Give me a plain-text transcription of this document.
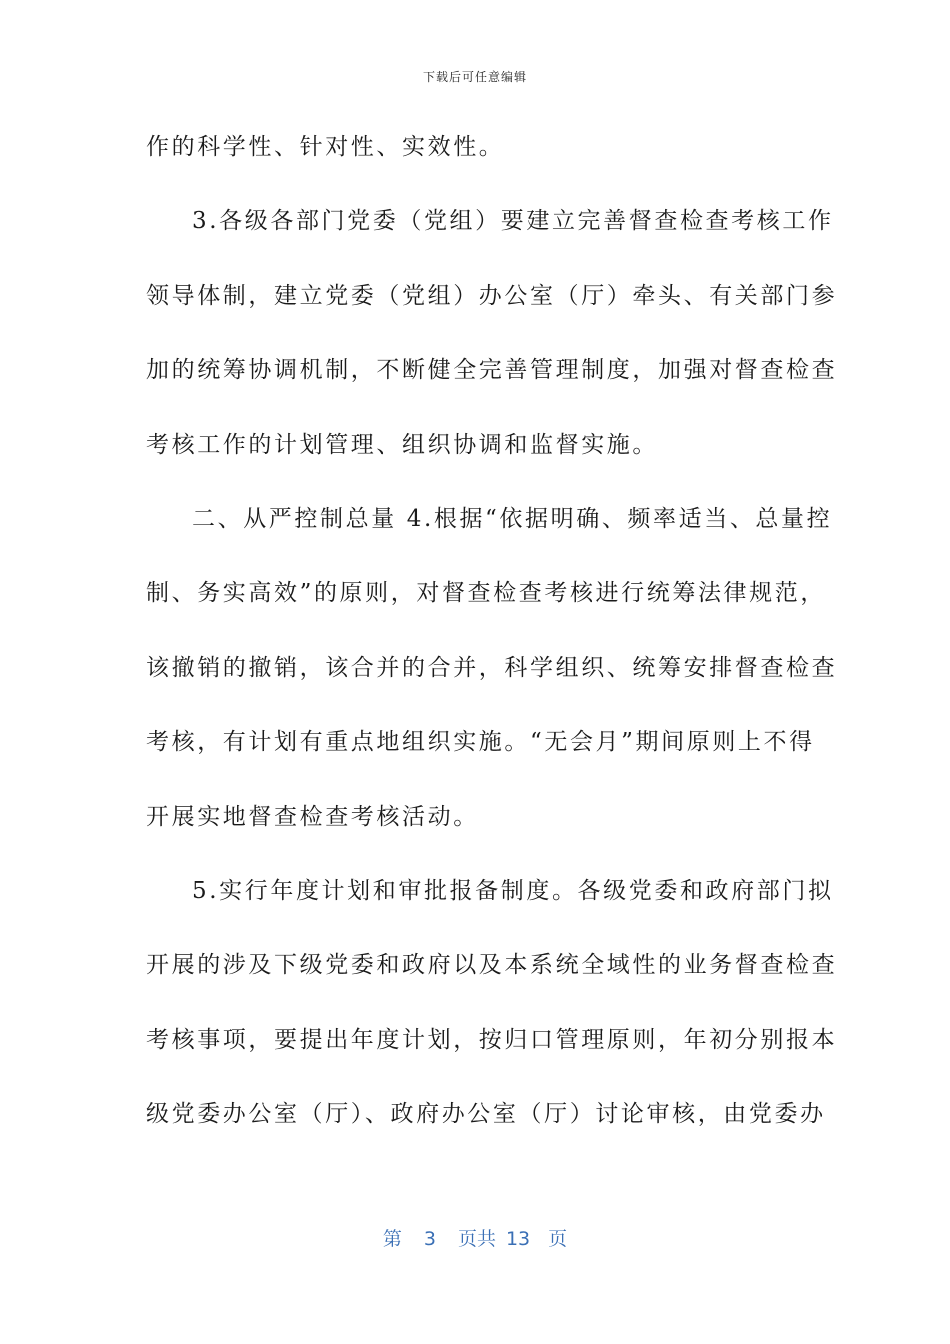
下载后可任意编辑
作的科学性、针对性、实效性。
3.各级各部门党委（党组）要建立完善督查检查考核工作
领导体制，建立党委（党组）办公室（厅）牵头、有关部门参
加的统筹协调机制，不断健全完善管理制度，加强对督查检查
考核工作的计划管理、组织协调和监督实施。
二、从严控制总量 4.根据“依据明确、频率适当、总量控
制、务实高效”的原则，对督查检查考核进行统筹法律规范，
该撤销的撤销，该合并的合并，科学组织、统筹安排督查检查
考核，有计划有重点地组织实施。“无会月”期间原则上不得
开展实地督查检查考核活动。
5.实行年度计划和审批报备制度。各级党委和政府部门拟
开展的涉及下级党委和政府以及本系统全域性的业务督查检查
考核事项，要提出年度计划，按归口管理原则，年初分别报本
级党委办公室（厅）、政府办公室（厅）讨论审核，由党委办
第 3 页共 13 页
